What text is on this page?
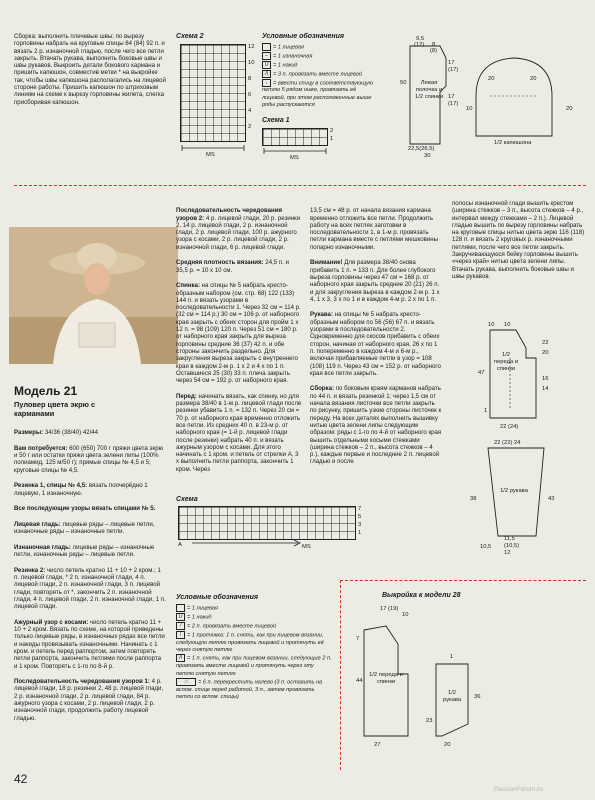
Сборка: выполнить плечевые швы; по вырезу горловины набрать на круговые спицы 84 (84) 92 п. и вязать 2 р. изнаночной гладью, после чего все петли закрыть. Втачать рукава, выполнить боковые швы и швы рукавов. Выкроить детали бокового кармана и пришить капюшон, совместив метки * на выкройке так, чтобы швы капюшона располагались на лицевой стороне работы. Пришить капюшон по штриховым линиям на схеме к вырезу горловины жилета, слегка присборивая капюшон.
Схема 2
12
10
8
6
4
2
MS
Условные обозначения
= 1 лицевая
– = 1 изнаночная
U = 1 накид
Λ = 3 п. провязать вместе лицевой
↓ = ввести спицу в соответствующую петлю 5 рядом ниже, провязать её лицевой, при этом расположенные выше ряды распускаются
Схема 1
2
1
MS
Левая полочка и 1/2 спинки
50
17
(17)
17
(17)
9.5
(12) 8
(8)
22,5(26,5)
30
1/2 капюшона
20	20
20
10
Модель 21
Пуловер цвета экрю с карманами

Размеры: 34/36 (38/40) 42/44

Вам потребуется: 600 (650) 700 г пряжи цвета экрю и 50 г или остатки пряжи цвета зелени липы (100% полиамид, 125 м/50 г); прямые спицы № 4,5 и 5; круговые спицы № 4,5.

Резинка 1, спицы № 4,5: вязать поочерёдно 1 лицевую, 1 изнаночную.

Все последующие узоры вязать спицами № 5.

Лицевая гладь: лицевые ряды – лицевые петли, изнаночные ряды – изнаночные петли.

Изнаночная гладь: лицевые ряды – изнаночные петли, изнаночные ряды – лицевые петли.

Резинка 2: число петель кратно 11 + 10 + 2 кром.; 1 п. лицевой глади, * 2 п. изнаночной глади, 4 п. лицевой глади, 2 п. изнаночной глади, 3 п. лицевой глади, повторять от *, закончить 2 п. изнаночной глади, 4 п. лицевой глади, 2 п. изнаночной глади, 1 п. лицевой глади.

Ажурный узор с косами: число петель кратно 11 + 10 + 2 кром. Вязать по схеме, на которой приведены только лицевые ряды, в изнаночных рядах все петли и накиды провязывать изнаночными. Начинать с 1 кром. и петель перед раппортом, затем повторять петли раппорта, закончить петлями после раппорта и 1 кром. Повторять с 1-го по 8-й р.

Последовательность чередования узоров 1: 4 р. лицевой глади, 18 р. резинки 2, 48 р. лицевой глади, 2 р. изнаночной глади, 2 р. лицевой глади, 84 р. ажурного узора с косами, 2 р. лицевой глади, 2 р. изнаночной глади, продолжить работу лицевой гладью.

Последовательность чередования узоров 2: 4 р. лицевой глади, 20 р. резинки 2, 14 р. лицевой глади, 2 р. изнаночной глади, 2 р. лицевой глади, 100 р. ажурного узора с косами, 2 р. лицевой глади, 2 р. изнаночной глади, 6 р. лицевой глади.

Средняя плотность вязания: 24,5 п. и 35,5 р. = 10 х 10 см.

Спинка: на спицы № 5 набрать кресто-образным набором (см. стр. 68) 122 (133) 144 п. и вязать узорами в последовательности 1. Через 32 см = 114 р. (32 см = 114 р.) 30 см = 106 р. от наборного края закрыть с обеих сторон для пройм 1 х 12 п. = 98 (109) 120 п. Через 51 см = 180 р. от наборного края закрыть для выреза горловины средние 36 (37) 42 п. и обе стороны закончить раздельно. Для закругления выреза закрыть с внутреннего края в каждом 2-м р. 1 х 2 и 4 х по 1 п. Оставшиеся 25 (30) 33 п. плеча закрыть через 54 см = 192 р. от наборного края.

Перед: начинать вязать, как спинку, но для размера 38/40 в 1-м р. лицевой глади после резинки убавить 1 п. = 132 п. Через 20 см = 70 р. от наборного края временно отложить все петли. Из средних 40 п. в 23-м р. от наборного края (= 1-й р. лицевой глади после резинки) набрать 40 п. и вязать ажурным узором с косами. Для этого начинать с 1 кром. и петель от стрелки А, 3 х выполнить петли раппорта, закончить 1 кром. Через

13,5 см = 48 р. от начала вязания кармана временно отложить все петли. Продолжить работу на всех петлях заготовки в последовательности 1, в 1-м р. провязать петли кармана вместе с петлями мешковины попарно изнаночными.

Внимание! Для размера 38/40 снова прибавить 1 п. = 133 п. Для более глубокого выреза горловины через 47 см = 168 р. от наборного края закрыть средние 20 (21) 26 п. и для закругления выреза в каждом 2-м р. 1 х 4, 1 х 3, 3 х по 1 и в каждом 4-м р. 2 х по 1 п.

Рукава: на спицы № 5 набрать кресто-образным набором по 56 (56) 67 п. и вязать узорами в последовательности 2. Одновременно для скосов прибавить с обеих сторон, начиная от наборного края, 26 х по 1 п. попеременно в каждом 4-м и 6-м р., включая прибавляемые петли в узор = 108 (108) 119 п. Через 43 см = 152 р. от наборного края все петли закрыть.

Сборка: по боковым краям карманов набрать по 44 п. и вязать резинкой 1; через 1,5 см от начала вязания листочки все петли закрыть по рисунку, пришить узкие стороны листочек к переду. На всех деталях выполнить вышивку нитью цвета зелени липы следующим образом: ряды с 1-го по 4-й от наборного края вышить отдельными косыми стежками (ширина стежков – 2 п., высота стежков – 4 р.), каждые первые и последние 2 п. лицевой гладью и после

полосы изнаночной глади вышить крестом (ширина стежков – 3 п., высота стежков – 4 р., интервал между стежками – 2 п.). Лицевой гладью вышить по вырезу горловины набрать на круговые спицы нитью цвета экрю 116 (118) 128 п. и вязать 2 круговых р. изнаночными петлями, после чего все петли закрыть. Закручивающуюся бейку горловины вышить «через край» нитью цвета зелени липы. Втачать рукава, выполнить боковые швы и швы рукавов.
1/2 переда и спинки
47
1
10 10
22
20
16
14
22 (24)
22 (22) 24
1/2 рукава
38	43
10,5
11,5
(10,5)
12
Схема
7
5
3
1
A	MS
Условные обозначения
= 1 лицевая
U = 1 накид
/ = 2 п. провязать вместе лицевой
\ = 1 протяжка: 1 п. снять, как при лицевом вязании, следующую петлю провязать лицевой и протянуть её через снятую петлю
Λ = 1 п. снять, как при лицевом вязании, следующие 2 п. провязать вместе лицевой и протянуть через эту петлю снятую петлю
⤫ = 6 п. перекрестить налево (3 п. оставить на вспом. спице перед работой, 3 п., затем провязать петли со вспом. спицы)
Выкройка к модели 28
1/2 переда и спинки
17 (19)
10
44
7
27	20
1/2 рукава
1
36
23
42
PassionForum.ru
